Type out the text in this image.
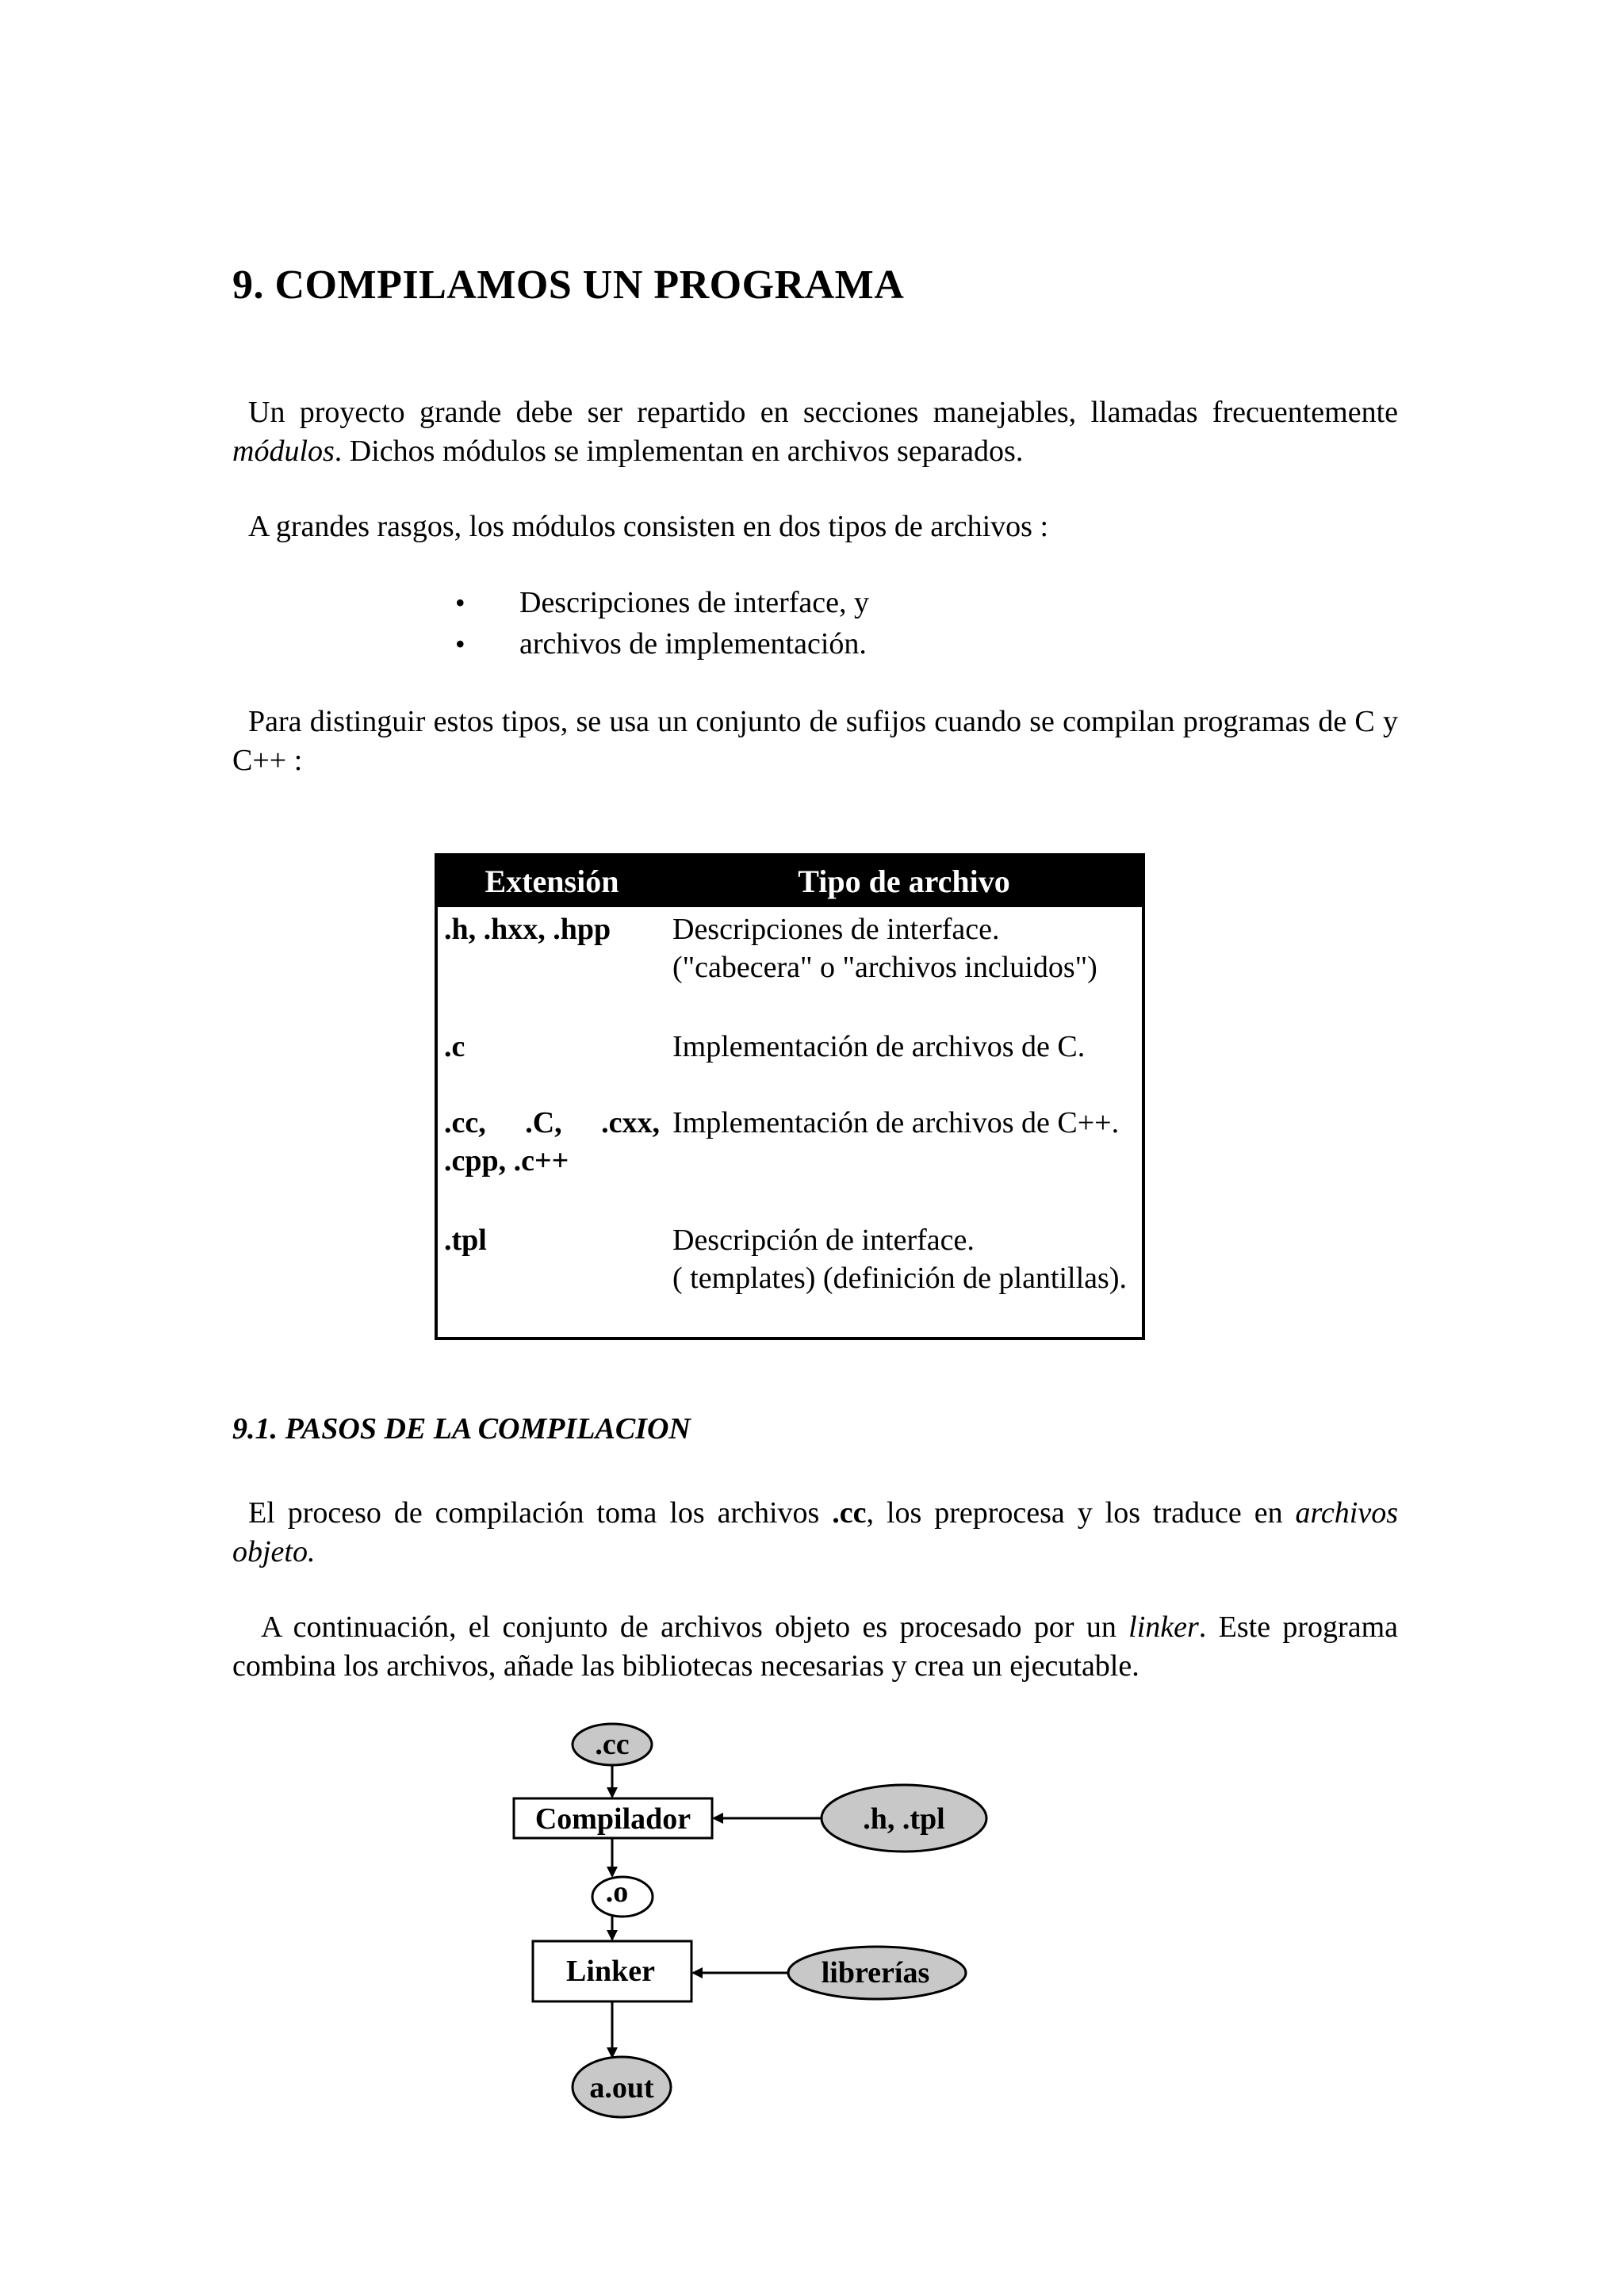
9. COMPILAMOS UN PROGRAMA

Un proyecto grande debe ser repartido en secciones manejables, llamadas frecuentemente módulos. Dichos módulos se implementan en archivos separados.

A grandes rasgos, los módulos consisten en dos tipos de archivos :

• Descripciones de interface, y
• archivos de implementación.

Para distinguir estos tipos, se usa un conjunto de sufijos cuando se compilan programas de C y C++ :

Extensión	Tipo de archivo
.h, .hxx, .hpp	Descripciones de interface.
("cabecera" o "archivos incluidos")

.c	Implementación de archivos de C.
.cc, .C, .cxx, .cpp, .c++	Implementación de archivos de C++.
.tpl	Descripción de interface.
( templates) (definición de plantillas).
9.1. PASOS DE LA COMPILACION

El proceso de compilación toma los archivos .cc, los preprocesa y los traduce en archivos objeto.

A continuación, el conjunto de archivos objeto es procesado por un linker. Este programa combina los archivos, añade las bibliotecas necesarias y crea un ejecutable.

.cc
Compilador	.h, .tpl
.o
Linker	librerías
a.out
